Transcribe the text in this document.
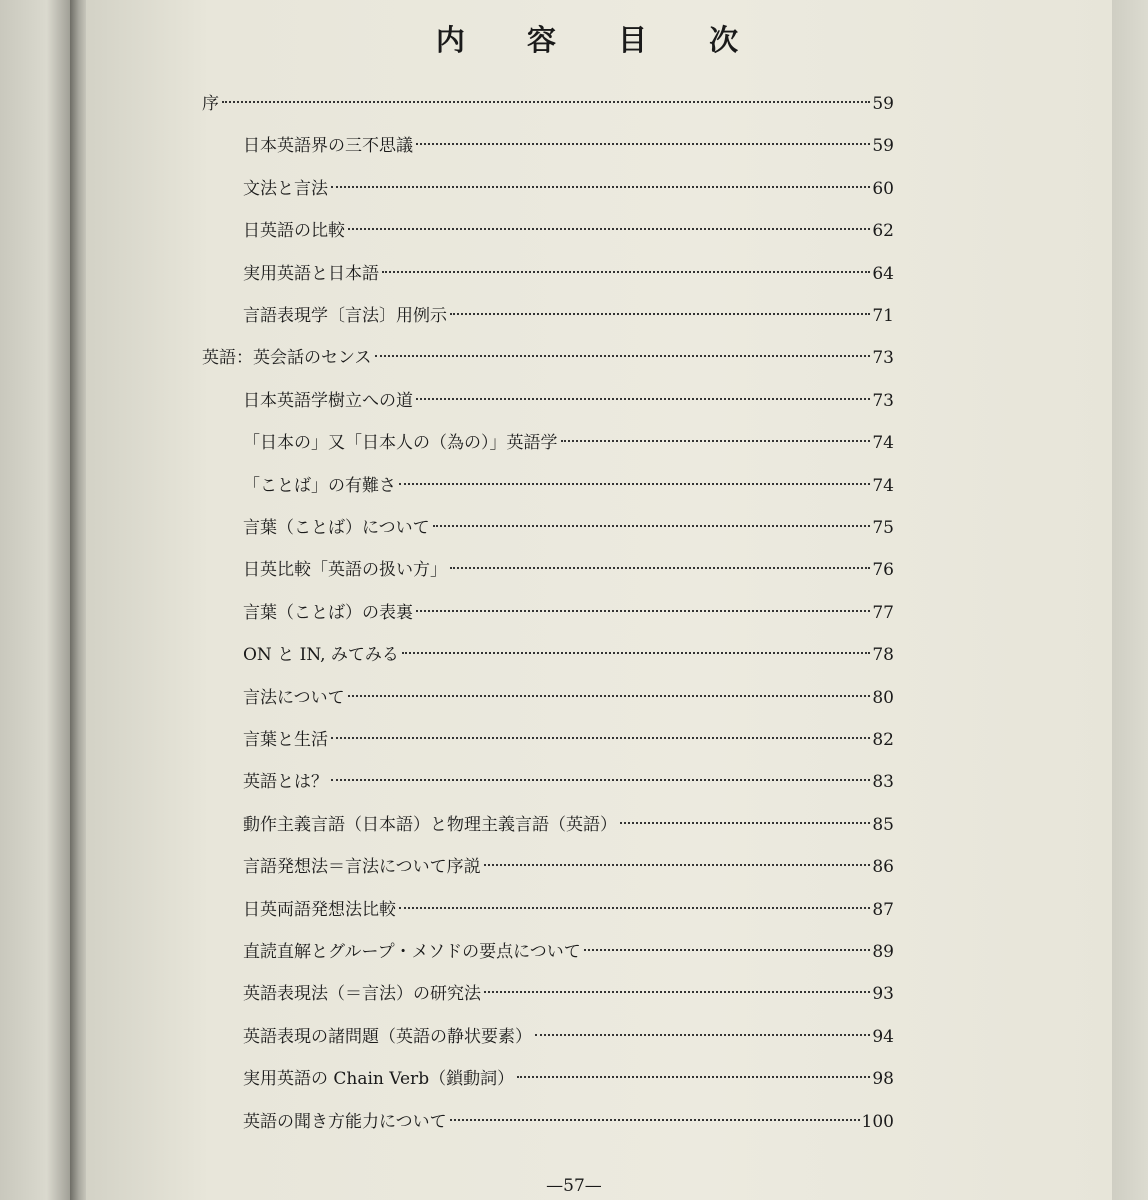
内 容 目 次
序	59
日本英語界の三不思議	59
文法と言法	60
日英語の比較	62
実用英語と日本語	64
言語表現学〔言法〕用例示	71
英語：英会話のセンス	73
日本英語学樹立への道	73
「日本の」又「日本人の（為の）」英語学	74
「ことば」の有難さ	74
言葉（ことば）について	75
日英比較「英語の扱い方」	76
言葉（ことば）の表裏	77
ON と IN, みてみる	78
言法について	80
言葉と生活	82
英語とは？	83
動作主義言語（日本語）と物理主義言語（英語）	85
言語発想法＝言法について序説	86
日英両語発想法比較	87
直読直解とグループ・メソドの要点について	89
英語表現法（＝言法）の研究法	93
英語表現の諸問題（英語の静状要素）	94
実用英語の Chain Verb（鎖動詞）	98
英語の聞き方能力について	100
—57—
